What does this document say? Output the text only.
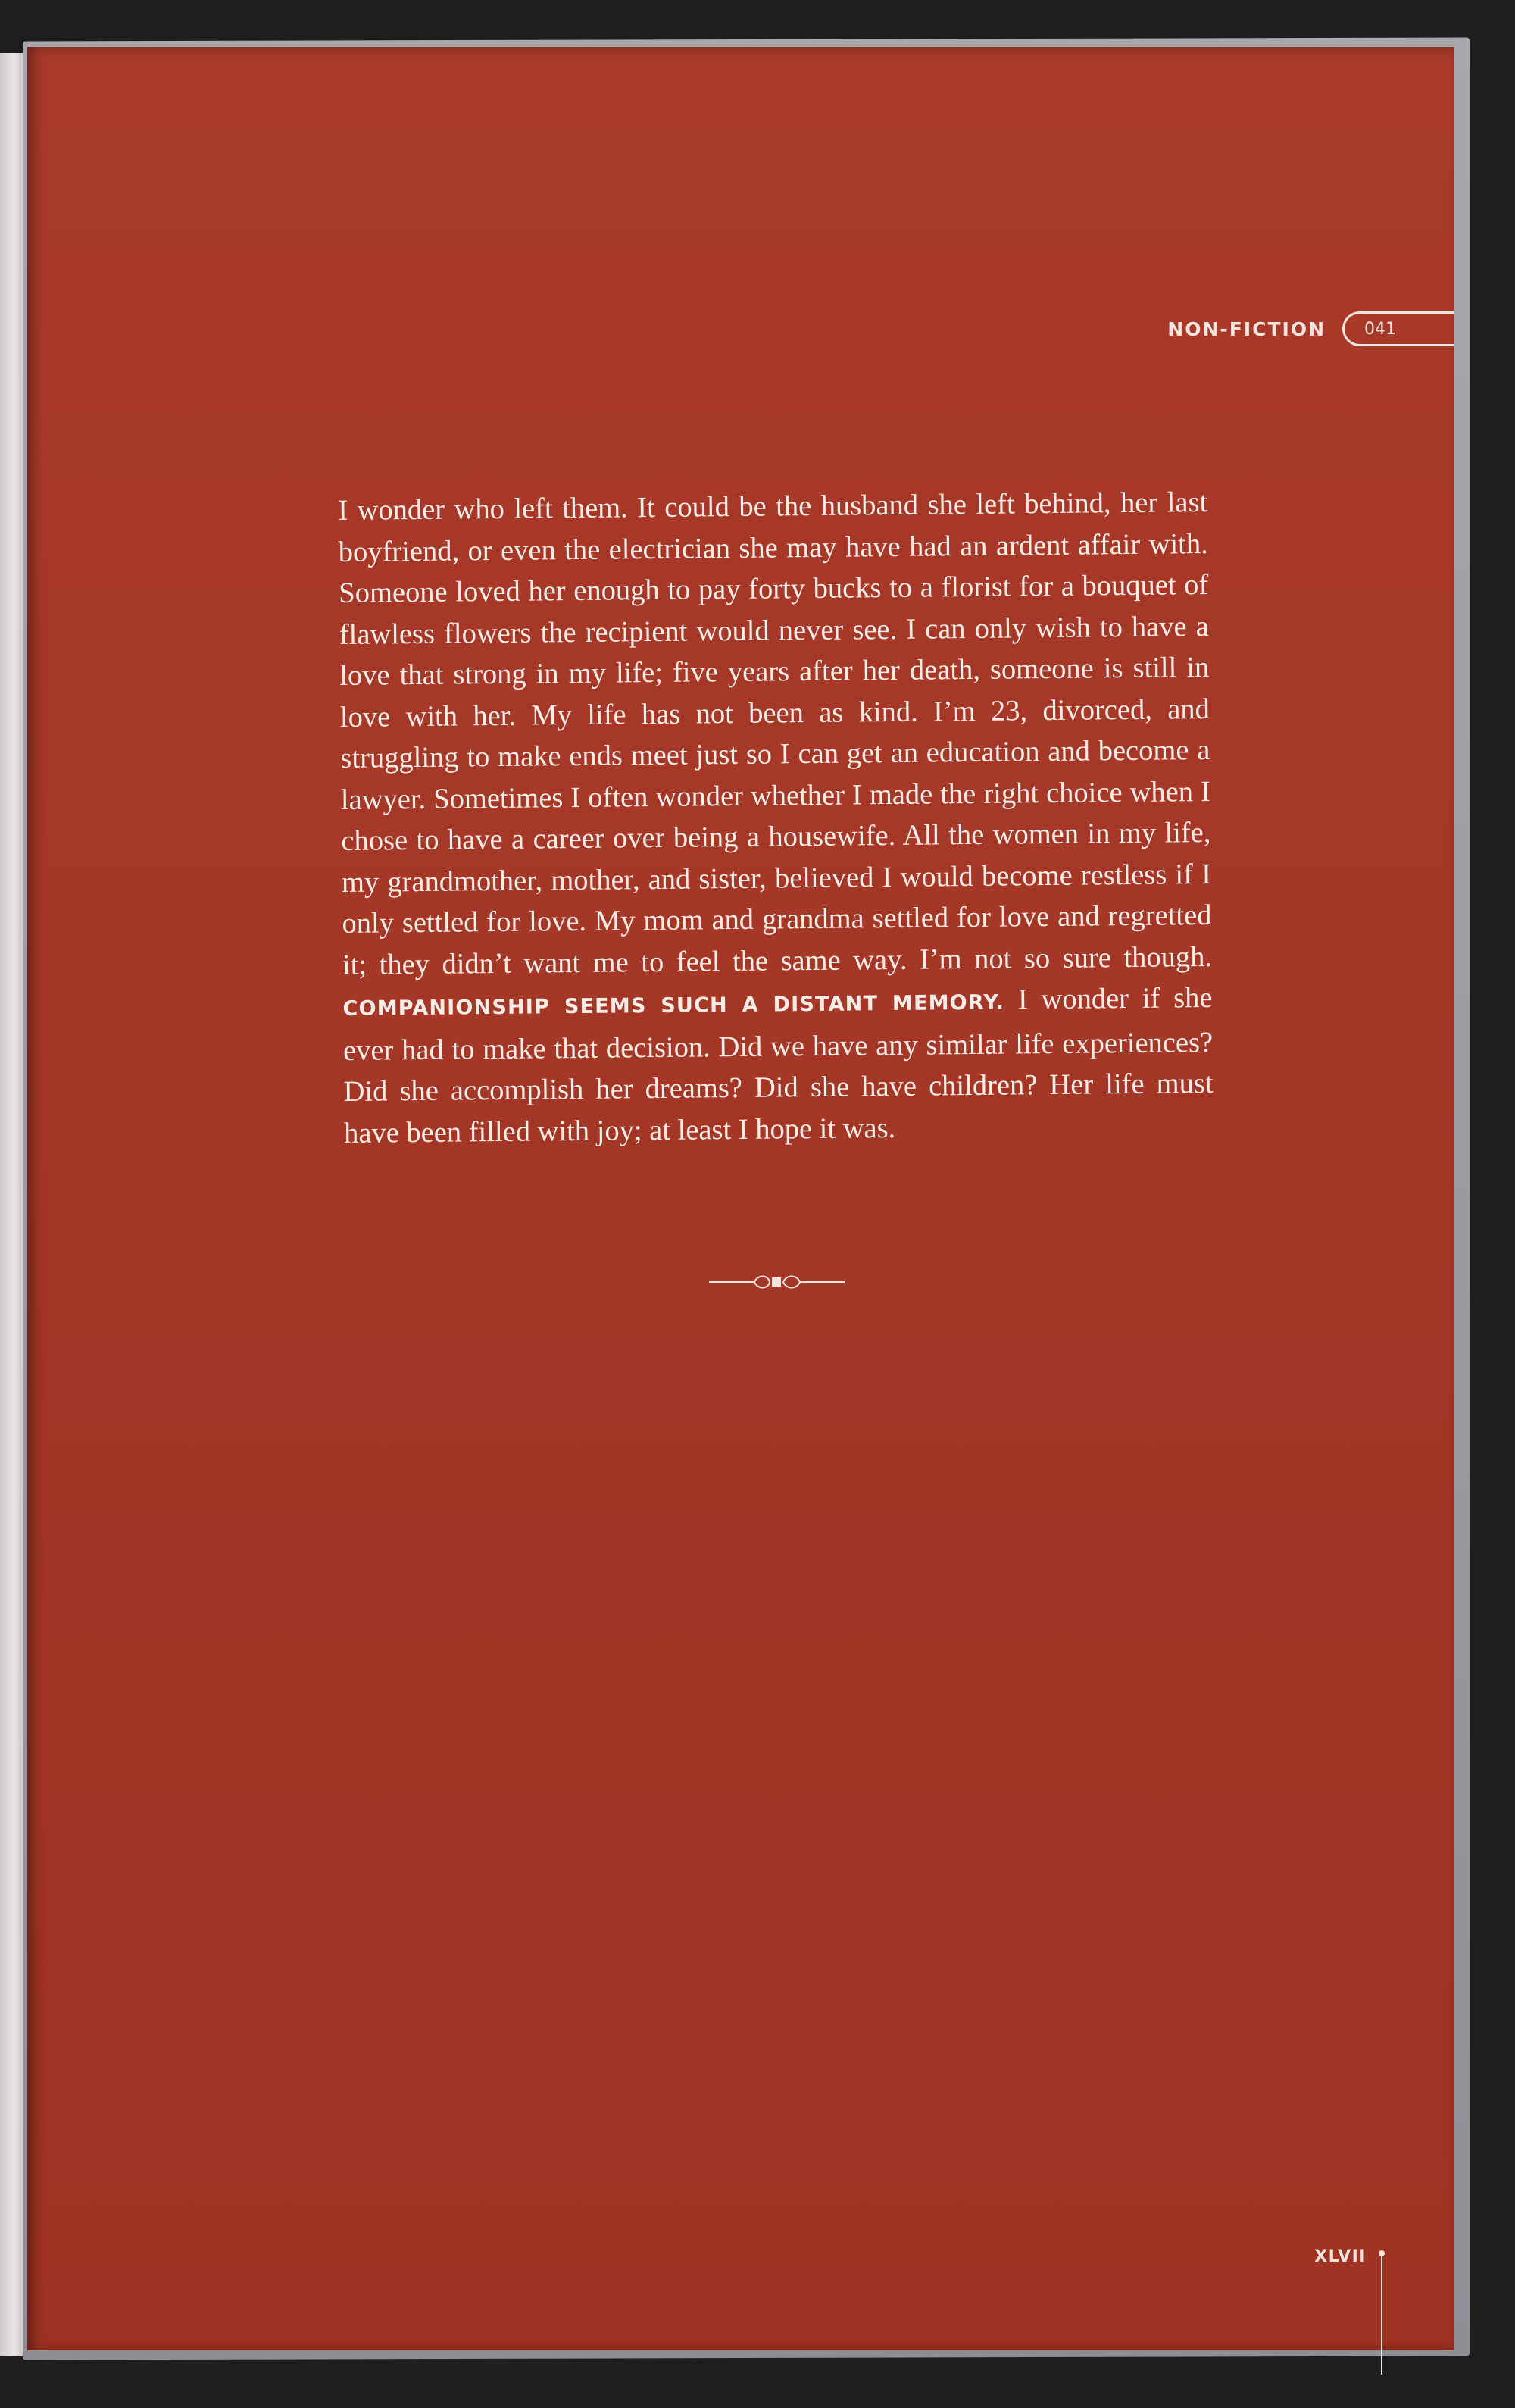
NON-FICTION 041
I wonder who left them. It could be the husband she left behind, her last boyfriend, or even the electrician she may have had an ardent affair with. Someone loved her enough to pay forty bucks to a florist for a bouquet of flawless flowers the recipient would never see. I can only wish to have a love that strong in my life; five years after her death, someone is still in love with her. My life has not been as kind. I’m 23, divorced, and struggling to make ends meet just so I can get an education and become a lawyer. Sometimes I often wonder whether I made the right choice when I chose to have a career over being a housewife. All the women in my life, my grandmother, mother, and sister, believed I would become restless if I only settled for love. My mom and grandma settled for love and regretted it; they didn’t want me to feel the same way. I’m not so sure though. COMPANIONSHIP SEEMS SUCH A DISTANT MEMORY. I wonder if she ever had to make that decision. Did we have any similar life experiences? Did she accomplish her dreams? Did she have children? Her life must have been filled with joy; at least I hope it was.
XLVII
